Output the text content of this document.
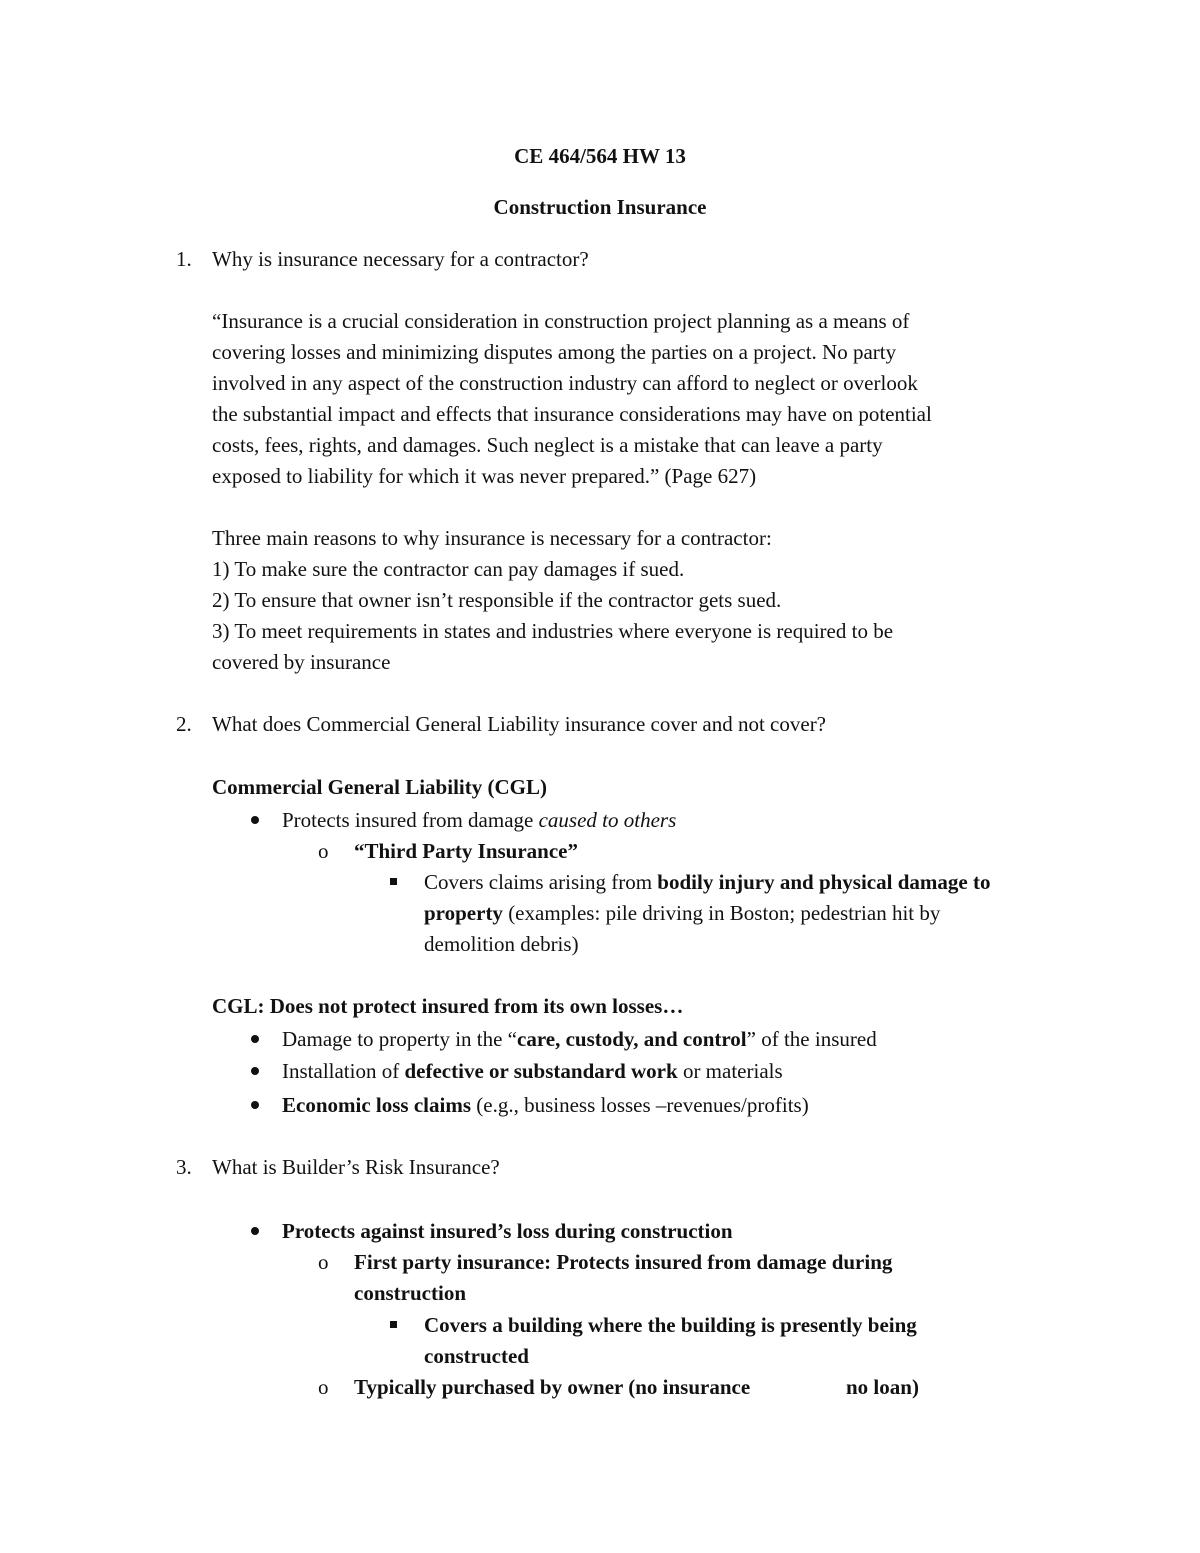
CE 464/564 HW 13
Construction Insurance
1. Why is insurance necessary for a contractor?
“Insurance is a crucial consideration in construction project planning as a means of
covering losses and minimizing disputes among the parties on a project. No party
involved in any aspect of the construction industry can afford to neglect or overlook
the substantial impact and effects that insurance considerations may have on potential
costs, fees, rights, and damages. Such neglect is a mistake that can leave a party
exposed to liability for which it was never prepared.” (Page 627)
Three main reasons to why insurance is necessary for a contractor:
1) To make sure the contractor can pay damages if sued.
2) To ensure that owner isn’t responsible if the contractor gets sued.
3) To meet requirements in states and industries where everyone is required to be
covered by insurance
2. What does Commercial General Liability insurance cover and not cover?
Commercial General Liability (CGL)
Protects insured from damage caused to others
o “Third Party Insurance”
Covers claims arising from bodily injury and physical damage to
property (examples: pile driving in Boston; pedestrian hit by
demolition debris)
CGL: Does not protect insured from its own losses…
Damage to property in the “care, custody, and control” of the insured
Installation of defective or substandard work or materials
Economic loss claims (e.g., business losses –revenues/profits)
3. What is Builder’s Risk Insurance?
Protects against insured’s loss during construction
o First party insurance: Protects insured from damage during
construction
Covers a building where the building is presently being
constructed
o Typically purchased by owner (no insurance	no loan)
